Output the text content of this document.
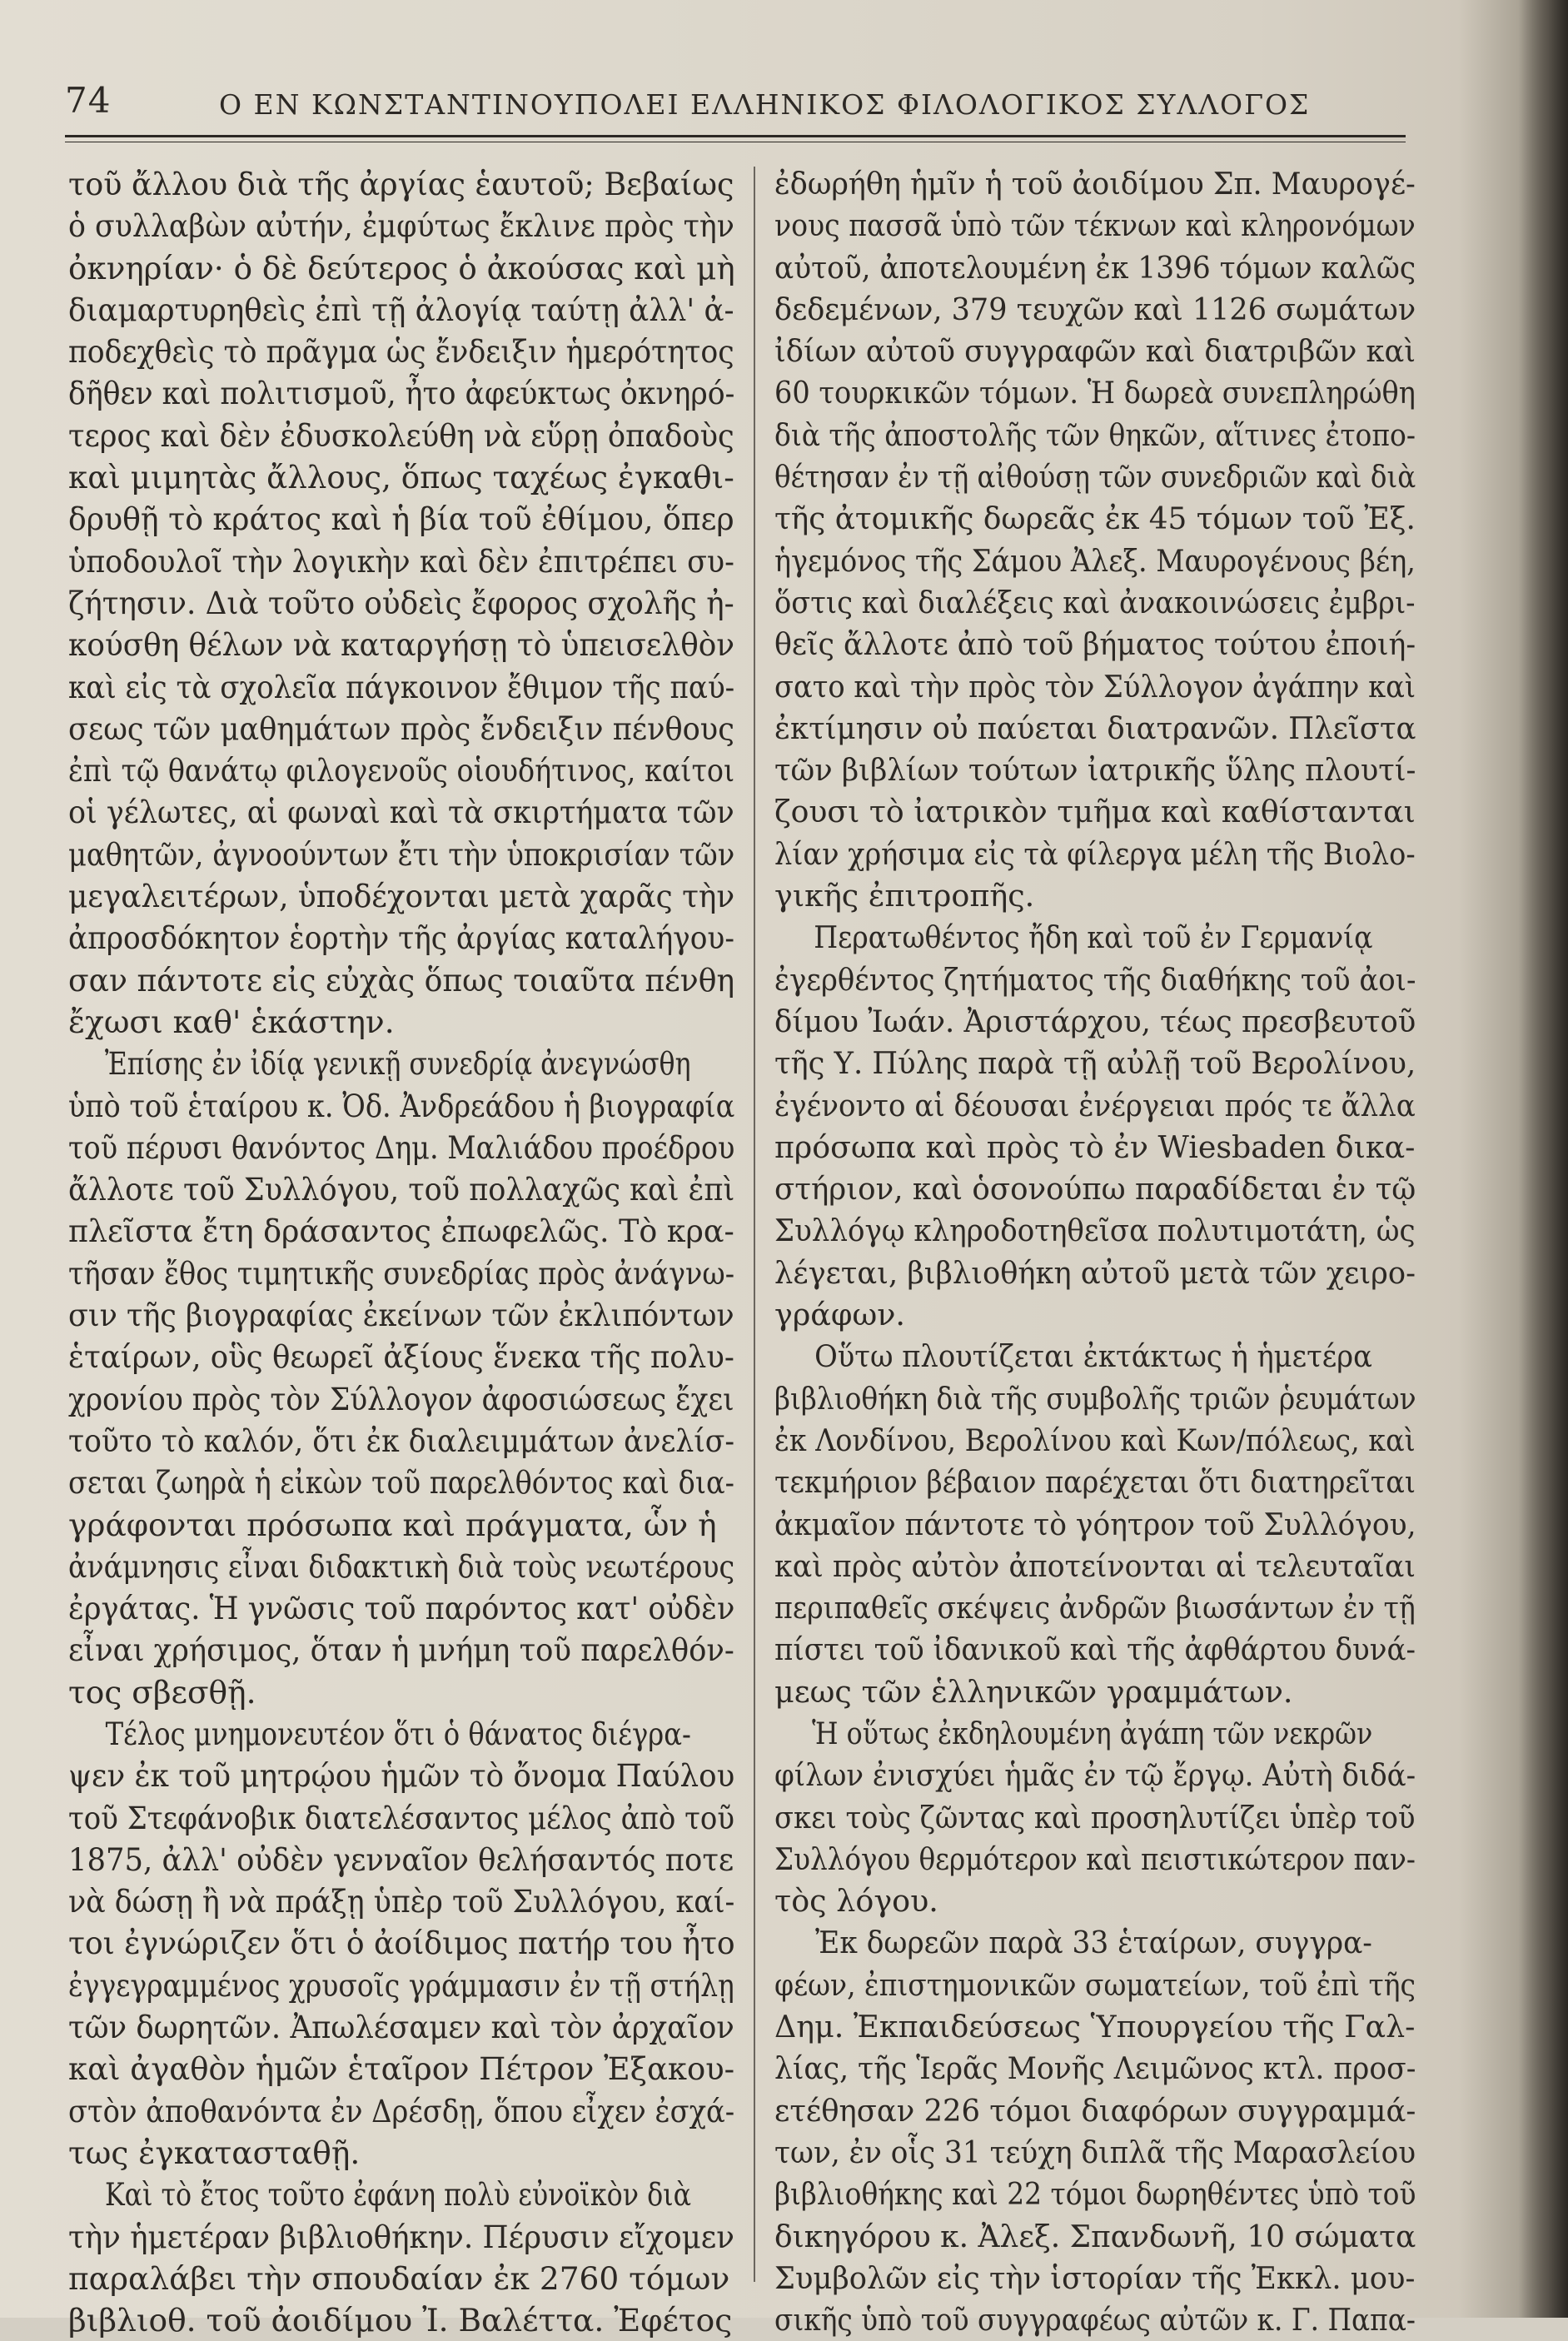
74	Ο ΕΝ ΚΩΝΣΤΑΝΤΙΝΟΥΠΟΛΕΙ ΕΛΛΗΝΙΚΟΣ ΦΙΛΟΛΟΓΙΚΟΣ ΣΥΛΛΟΓΟΣ
τοῦ ἄλλου διὰ τῆς ἀργίας ἑαυτοῦ; Βεβαίως
ὁ συλλαβὼν αὐτήν, ἐμφύτως ἔκλινε πρὸς τὴν
ὀκνηρίαν· ὁ δὲ δεύτερος ὁ ἀκούσας καὶ μὴ
διαμαρτυρηθεὶς ἐπὶ τῇ ἀλογίᾳ ταύτῃ ἀλλ' ἀ-
ποδεχθεὶς τὸ πρᾶγμα ὡς ἔνδειξιν ἡμερότητος
δῆθεν καὶ πολιτισμοῦ, ἦτο ἀφεύκτως ὀκνηρό-
τερος καὶ δὲν ἐδυσκολεύθη νὰ εὕρῃ ὀπαδοὺς
καὶ μιμητὰς ἄλλους, ὅπως ταχέως ἐγκαθι-
δρυθῇ τὸ κράτος καὶ ἡ βία τοῦ ἐθίμου, ὅπερ
ὑποδουλοῖ τὴν λογικὴν καὶ δὲν ἐπιτρέπει συ-
ζήτησιν. Διὰ τοῦτο οὐδεὶς ἔφορος σχολῆς ἠ-
κούσθη θέλων νὰ καταργήσῃ τὸ ὑπεισελθὸν
καὶ εἰς τὰ σχολεῖα πάγκοινον ἔθιμον τῆς παύ-
σεως τῶν μαθημάτων πρὸς ἔνδειξιν πένθους
ἐπὶ τῷ θανάτῳ φιλογενοῦς οἱουδήτινος, καίτοι
οἱ γέλωτες, αἱ φωναὶ καὶ τὰ σκιρτήματα τῶν
μαθητῶν, ἀγνοούντων ἔτι τὴν ὑποκρισίαν τῶν
μεγαλειτέρων, ὑποδέχονται μετὰ χαρᾶς τὴν
ἀπροσδόκητον ἑορτὴν τῆς ἀργίας καταλήγου-
σαν πάντοτε εἰς εὐχὰς ὅπως τοιαῦτα πένθη
ἔχωσι καθ' ἑκάστην.
Ἐπίσης ἐν ἰδίᾳ γενικῇ συνεδρίᾳ ἀνεγνώσθη
ὑπὸ τοῦ ἑταίρου κ. Ὀδ. Ἀνδρεάδου ἡ βιογραφία
τοῦ πέρυσι θανόντος Δημ. Μαλιάδου προέδρου
ἄλλοτε τοῦ Συλλόγου, τοῦ πολλαχῶς καὶ ἐπὶ
πλεῖστα ἔτη δράσαντος ἐπωφελῶς. Τὸ κρα-
τῆσαν ἔθος τιμητικῆς συνεδρίας πρὸς ἀνάγνω-
σιν τῆς βιογραφίας ἐκείνων τῶν ἐκλιπόντων
ἑταίρων, οὓς θεωρεῖ ἀξίους ἕνεκα τῆς πολυ-
χρονίου πρὸς τὸν Σύλλογον ἀφοσιώσεως ἔχει
τοῦτο τὸ καλόν, ὅτι ἐκ διαλειμμάτων ἀνελίσ-
σεται ζωηρὰ ἡ εἰκὼν τοῦ παρελθόντος καὶ δια-
γράφονται πρόσωπα καὶ πράγματα, ὧν ἡ
ἀνάμνησις εἶναι διδακτικὴ διὰ τοὺς νεωτέρους
ἐργάτας. Ἡ γνῶσις τοῦ παρόντος κατ' οὐδὲν
εἶναι χρήσιμος, ὅταν ἡ μνήμη τοῦ παρελθόν-
τος σβεσθῇ.
Τέλος μνημονευτέον ὅτι ὁ θάνατος διέγρα-
ψεν ἐκ τοῦ μητρῴου ἡμῶν τὸ ὄνομα Παύλου
τοῦ Στεφάνοβικ διατελέσαντος μέλος ἀπὸ τοῦ
1875, ἀλλ' οὐδὲν γενναῖον θελήσαντός ποτε
νὰ δώσῃ ἢ νὰ πράξῃ ὑπὲρ τοῦ Συλλόγου, καί-
τοι ἐγνώριζεν ὅτι ὁ ἀοίδιμος πατήρ του ἦτο
ἐγγεγραμμένος χρυσοῖς γράμμασιν ἐν τῇ στήλῃ
τῶν δωρητῶν. Ἀπωλέσαμεν καὶ τὸν ἀρχαῖον
καὶ ἀγαθὸν ἡμῶν ἑταῖρον Πέτρον Ἐξακου-
στὸν ἀποθανόντα ἐν Δρέσδῃ, ὅπου εἶχεν ἐσχά-
τως ἐγκατασταθῇ.
Καὶ τὸ ἔτος τοῦτο ἐφάνη πολὺ εὐνοϊκὸν διὰ
τὴν ἡμετέραν βιβλιοθήκην. Πέρυσιν εἴχομεν
παραλάβει τὴν σπουδαίαν ἐκ 2760 τόμων
βιβλιοθ. τοῦ ἀοιδίμου Ἰ. Βαλέττα. Ἐφέτος
ἐδωρήθη ἡμῖν ἡ τοῦ ἀοιδίμου Σπ. Μαυρογέ-
νους πασσᾶ ὑπὸ τῶν τέκνων καὶ κληρονόμων
αὐτοῦ, ἀποτελουμένη ἐκ 1396 τόμων καλῶς
δεδεμένων, 379 τευχῶν καὶ 1126 σωμάτων
ἰδίων αὐτοῦ συγγραφῶν καὶ διατριβῶν καὶ
60 τουρκικῶν τόμων. Ἡ δωρεὰ συνεπληρώθη
διὰ τῆς ἀποστολῆς τῶν θηκῶν, αἵτινες ἐτοπο-
θέτησαν ἐν τῇ αἰθούσῃ τῶν συνεδριῶν καὶ διὰ
τῆς ἀτομικῆς δωρεᾶς ἐκ 45 τόμων τοῦ Ἐξ.
ἡγεμόνος τῆς Σάμου Ἀλεξ. Μαυρογένους βέη,
ὅστις καὶ διαλέξεις καὶ ἀνακοινώσεις ἐμβρι-
θεῖς ἄλλοτε ἀπὸ τοῦ βήματος τούτου ἐποιή-
σατο καὶ τὴν πρὸς τὸν Σύλλογον ἀγάπην καὶ
ἐκτίμησιν οὐ παύεται διατρανῶν. Πλεῖστα
τῶν βιβλίων τούτων ἰατρικῆς ὕλης πλουτί-
ζουσι τὸ ἰατρικὸν τμῆμα καὶ καθίστανται
λίαν χρήσιμα εἰς τὰ φίλεργα μέλη τῆς Βιολο-
γικῆς ἐπιτροπῆς.
Περατωθέντος ἤδη καὶ τοῦ ἐν Γερμανίᾳ
ἐγερθέντος ζητήματος τῆς διαθήκης τοῦ ἀοι-
δίμου Ἰωάν. Ἀριστάρχου, τέως πρεσβευτοῦ
τῆς Υ. Πύλης παρὰ τῇ αὐλῇ τοῦ Βερολίνου,
ἐγένοντο αἱ δέουσαι ἐνέργειαι πρός τε ἄλλα
πρόσωπα καὶ πρὸς τὸ ἐν Wiesbaden δικα-
στήριον, καὶ ὁσονούπω παραδίδεται ἐν τῷ
Συλλόγῳ κληροδοτηθεῖσα πολυτιμοτάτη, ὡς
λέγεται, βιβλιοθήκη αὐτοῦ μετὰ τῶν χειρο-
γράφων.
Οὕτω πλουτίζεται ἐκτάκτως ἡ ἡμετέρα
βιβλιοθήκη διὰ τῆς συμβολῆς τριῶν ῥευμάτων
ἐκ Λονδίνου, Βερολίνου καὶ Κων/πόλεως, καὶ
τεκμήριον βέβαιον παρέχεται ὅτι διατηρεῖται
ἀκμαῖον πάντοτε τὸ γόητρον τοῦ Συλλόγου,
καὶ πρὸς αὐτὸν ἀποτείνονται αἱ τελευταῖαι
περιπαθεῖς σκέψεις ἀνδρῶν βιωσάντων ἐν τῇ
πίστει τοῦ ἰδανικοῦ καὶ τῆς ἀφθάρτου δυνά-
μεως τῶν ἑλληνικῶν γραμμάτων.
Ἡ οὕτως ἐκδηλουμένη ἀγάπη τῶν νεκρῶν
φίλων ἐνισχύει ἡμᾶς ἐν τῷ ἔργῳ. Αὐτὴ διδά-
σκει τοὺς ζῶντας καὶ προσηλυτίζει ὑπὲρ τοῦ
Συλλόγου θερμότερον καὶ πειστικώτερον παν-
τὸς λόγου.
Ἐκ δωρεῶν παρὰ 33 ἑταίρων, συγγρα-
φέων, ἐπιστημονικῶν σωματείων, τοῦ ἐπὶ τῆς
Δημ. Ἐκπαιδεύσεως Ὑπουργείου τῆς Γαλ-
λίας, τῆς Ἱερᾶς Μονῆς Λειμῶνος κτλ. προσ-
ετέθησαν 226 τόμοι διαφόρων συγγραμμά-
των, ἐν οἷς 31 τεύχη διπλᾶ τῆς Μαρασλείου
βιβλιοθήκης καὶ 22 τόμοι δωρηθέντες ὑπὸ τοῦ
δικηγόρου κ. Ἀλεξ. Σπανδωνῆ, 10 σώματα
Συμβολῶν εἰς τὴν ἱστορίαν τῆς Ἐκκλ. μου-
σικῆς ὑπὸ τοῦ συγγραφέως αὐτῶν κ. Γ. Παπα-
